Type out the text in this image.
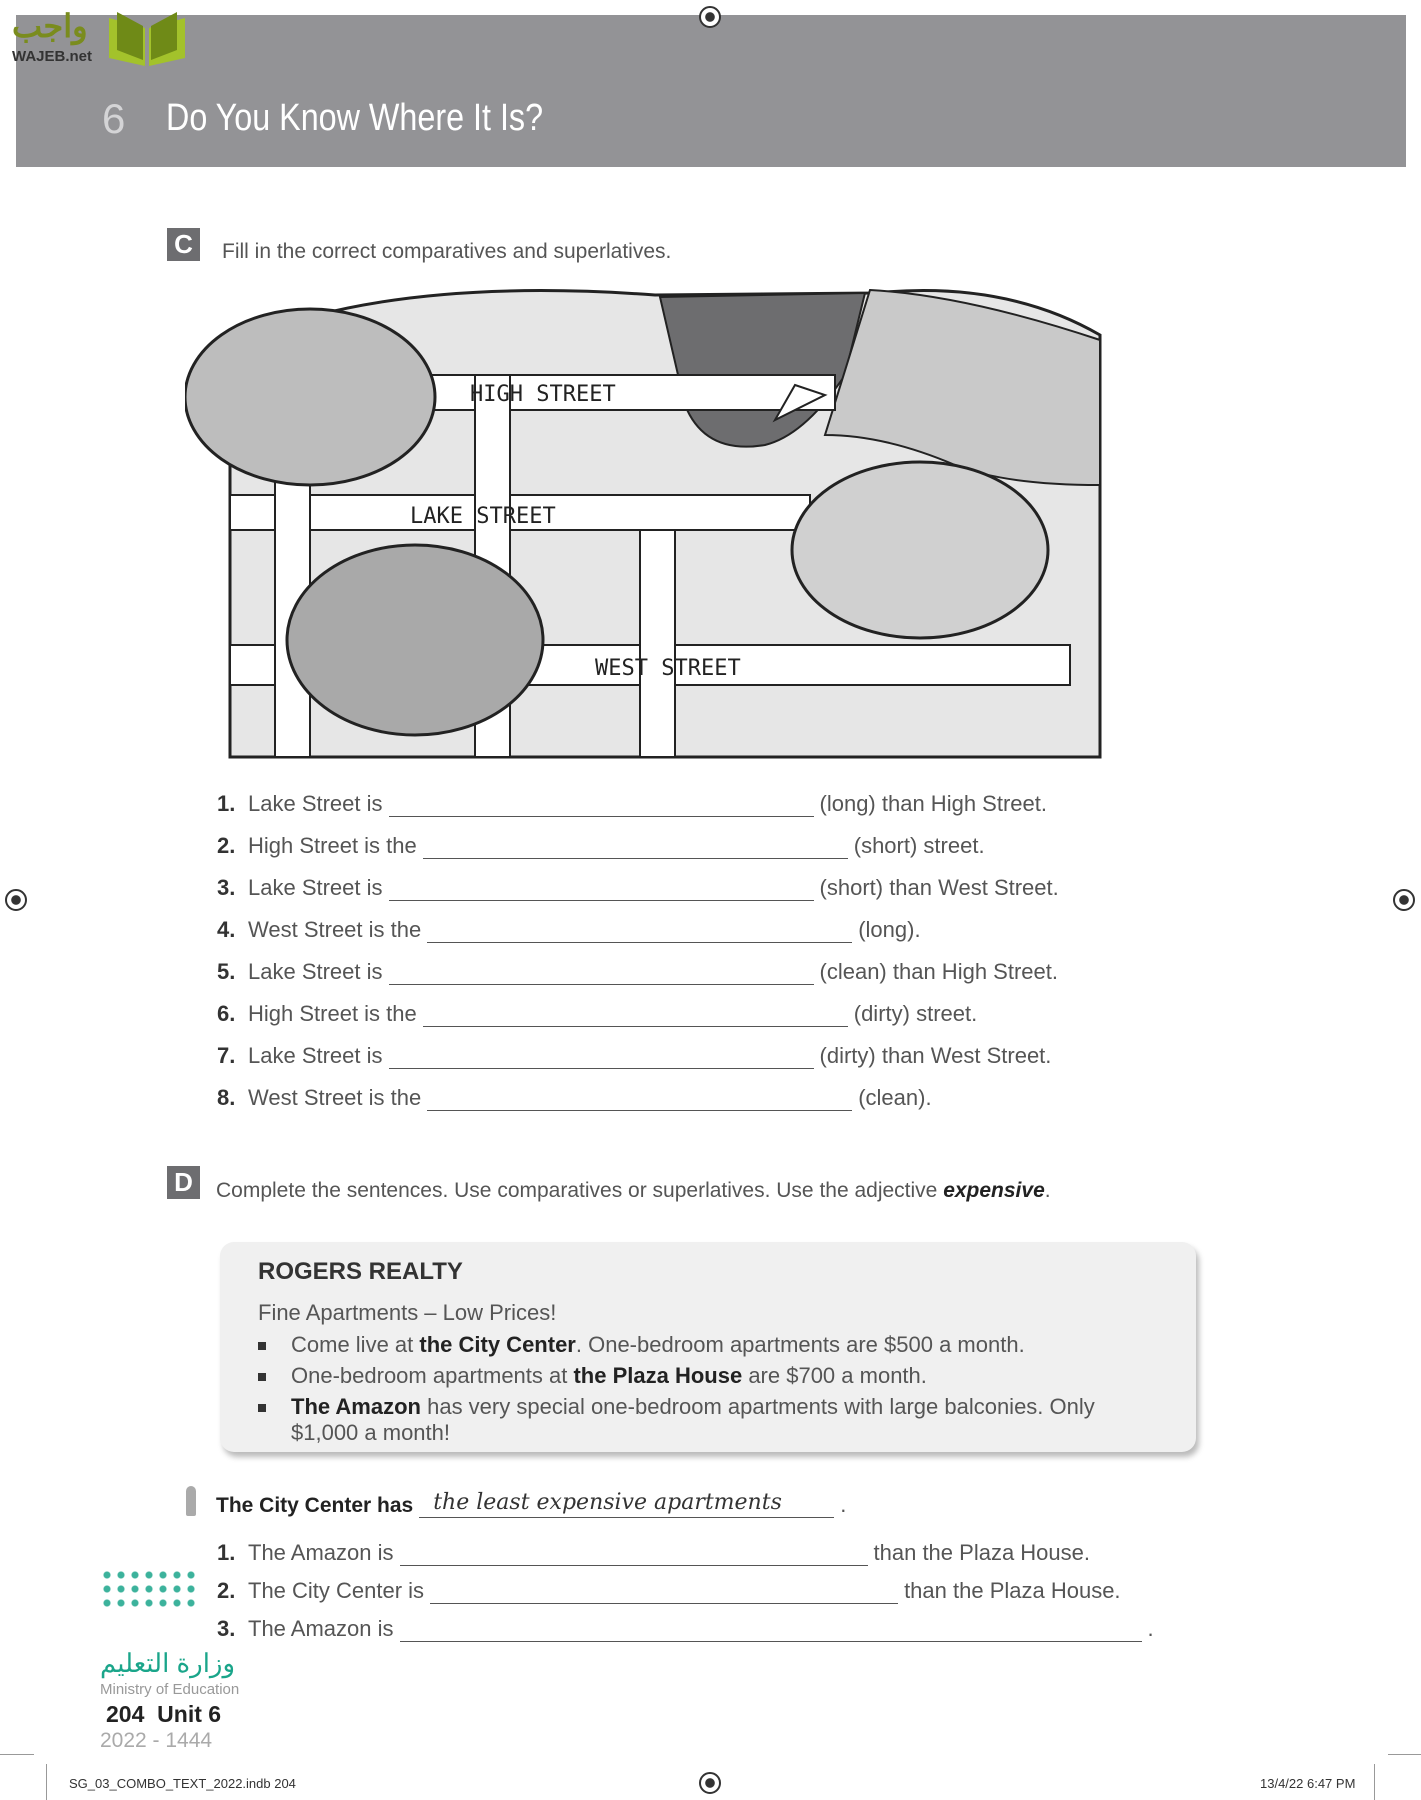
واجب
WAJEB.net
6 Do You Know Where It Is?
C	Fill in the correct comparatives and superlatives.
HIGH STREET
LAKE STREET
WEST STREET
1. Lake Street is	(long) than High Street.
2. High Street is the	(short) street.
3. Lake Street is	(short) than West Street.
4. West Street is the	(long).
5. Lake Street is	(clean) than High Street.
6. High Street is the	(dirty) street.
7. Lake Street is	(dirty) than West Street.
8. West Street is the	(clean).
D	Complete the sentences. Use comparatives or superlatives. Use the adjective expensive.
ROGERS REALTY
Fine Apartments – Low Prices!
Come live at the City Center. One-bedroom apartments are $500 a month.
One-bedroom apartments at the Plaza House are $700 a month.
The Amazon has very special one-bedroom apartments with large balconies. Only $1,000 a month!
The City Center has the least expensive apartments	.
1. The Amazon is	than the Plaza House.
2. The City Center is	than the Plaza House.
3. The Amazon is	.
وزارة التعليم
Ministry of Education
204 Unit 6
2022 - 1444
SG_03_COMBO_TEXT_2022.indb 204	13/4/22 6:47 PM
